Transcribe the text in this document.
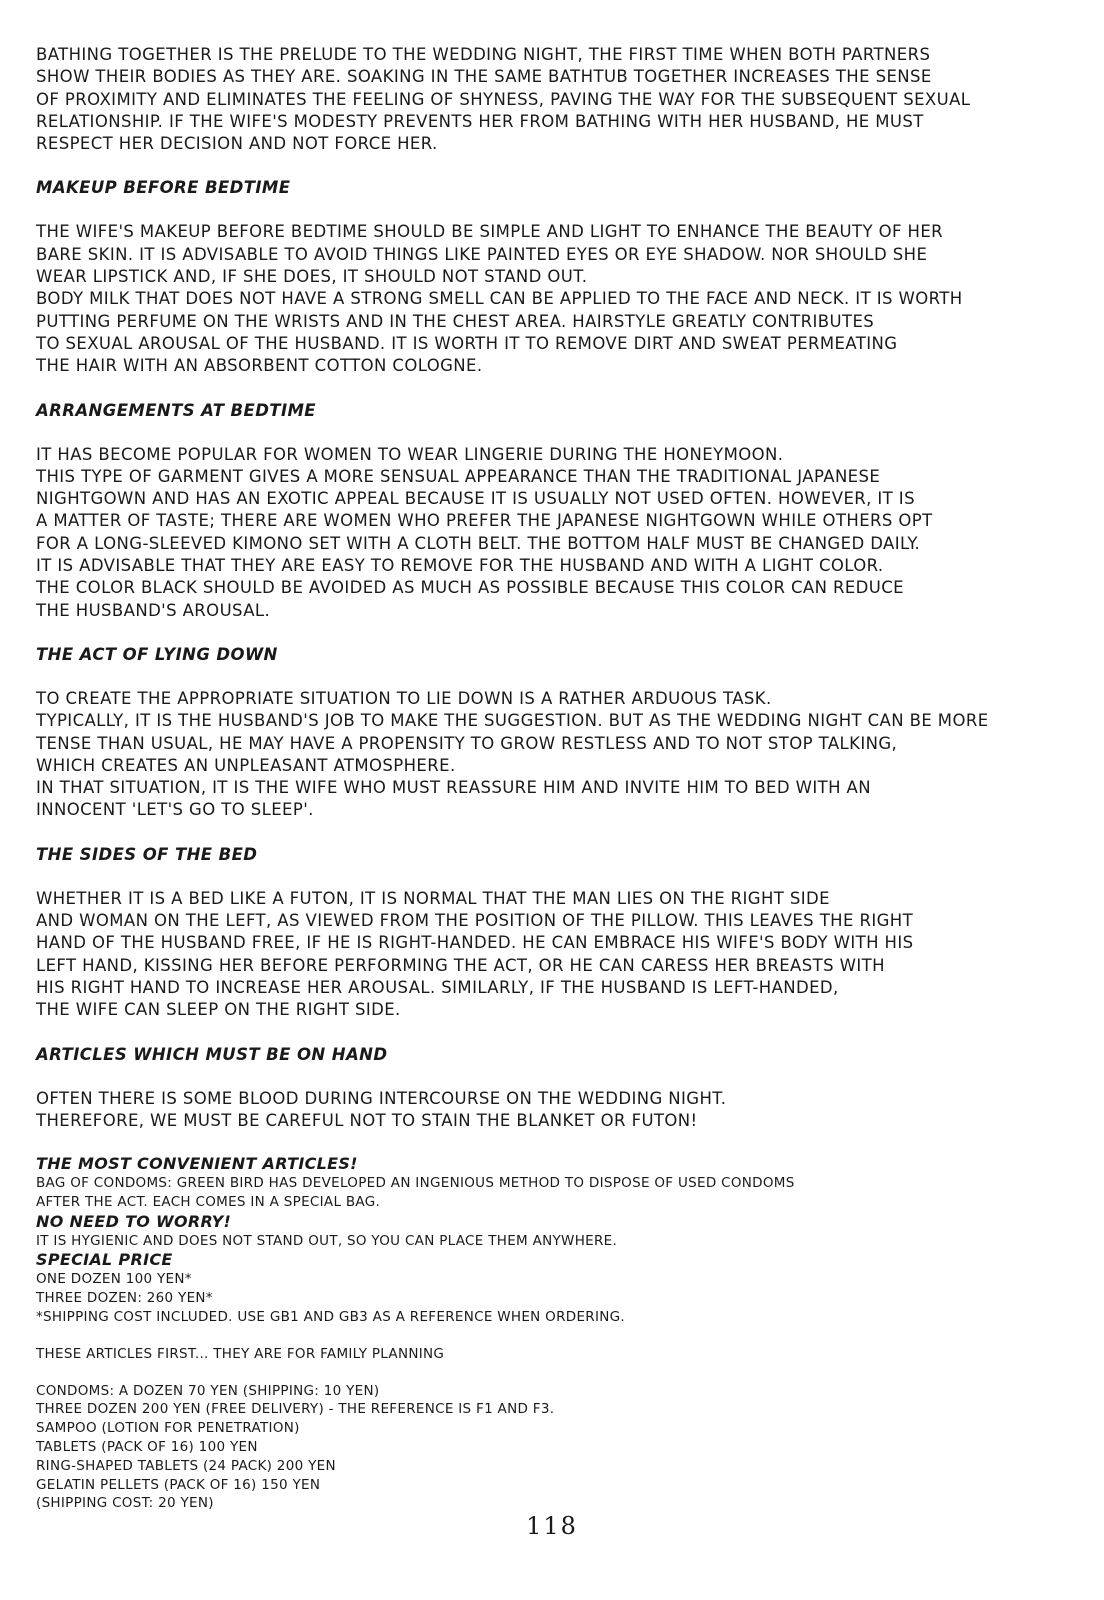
BATHING TOGETHER IS THE PRELUDE TO THE WEDDING NIGHT, THE FIRST TIME WHEN BOTH PARTNERS
SHOW THEIR BODIES AS THEY ARE. SOAKING IN THE SAME BATHTUB TOGETHER INCREASES THE SENSE
OF PROXIMITY AND ELIMINATES THE FEELING OF SHYNESS, PAVING THE WAY FOR THE SUBSEQUENT SEXUAL
RELATIONSHIP. IF THE WIFE'S MODESTY PREVENTS HER FROM BATHING WITH HER HUSBAND, HE MUST
RESPECT HER DECISION AND NOT FORCE HER.

MAKEUP BEFORE BEDTIME

THE WIFE'S MAKEUP BEFORE BEDTIME SHOULD BE SIMPLE AND LIGHT TO ENHANCE THE BEAUTY OF HER
BARE SKIN. IT IS ADVISABLE TO AVOID THINGS LIKE PAINTED EYES OR EYE SHADOW. NOR SHOULD SHE
WEAR LIPSTICK AND, IF SHE DOES, IT SHOULD NOT STAND OUT.
BODY MILK THAT DOES NOT HAVE A STRONG SMELL CAN BE APPLIED TO THE FACE AND NECK. IT IS WORTH
PUTTING PERFUME ON THE WRISTS AND IN THE CHEST AREA. HAIRSTYLE GREATLY CONTRIBUTES
TO SEXUAL AROUSAL OF THE HUSBAND. IT IS WORTH IT TO REMOVE DIRT AND SWEAT PERMEATING
THE HAIR WITH AN ABSORBENT COTTON COLOGNE.

ARRANGEMENTS AT BEDTIME

IT HAS BECOME POPULAR FOR WOMEN TO WEAR LINGERIE DURING THE HONEYMOON.
THIS TYPE OF GARMENT GIVES A MORE SENSUAL APPEARANCE THAN THE TRADITIONAL JAPANESE
NIGHTGOWN AND HAS AN EXOTIC APPEAL BECAUSE IT IS USUALLY NOT USED OFTEN. HOWEVER, IT IS
A MATTER OF TASTE; THERE ARE WOMEN WHO PREFER THE JAPANESE NIGHTGOWN WHILE OTHERS OPT
FOR A LONG-SLEEVED KIMONO SET WITH A CLOTH BELT. THE BOTTOM HALF MUST BE CHANGED DAILY.
IT IS ADVISABLE THAT THEY ARE EASY TO REMOVE FOR THE HUSBAND AND WITH A LIGHT COLOR.
THE COLOR BLACK SHOULD BE AVOIDED AS MUCH AS POSSIBLE BECAUSE THIS COLOR CAN REDUCE
THE HUSBAND'S AROUSAL.

THE ACT OF LYING DOWN

TO CREATE THE APPROPRIATE SITUATION TO LIE DOWN IS A RATHER ARDUOUS TASK.
TYPICALLY, IT IS THE HUSBAND'S JOB TO MAKE THE SUGGESTION. BUT AS THE WEDDING NIGHT CAN BE MORE
TENSE THAN USUAL, HE MAY HAVE A PROPENSITY TO GROW RESTLESS AND TO NOT STOP TALKING,
WHICH CREATES AN UNPLEASANT ATMOSPHERE.
IN THAT SITUATION, IT IS THE WIFE WHO MUST REASSURE HIM AND INVITE HIM TO BED WITH AN
INNOCENT 'LET'S GO TO SLEEP'.

THE SIDES OF THE BED

WHETHER IT IS A BED LIKE A FUTON, IT IS NORMAL THAT THE MAN LIES ON THE RIGHT SIDE
AND WOMAN ON THE LEFT, AS VIEWED FROM THE POSITION OF THE PILLOW. THIS LEAVES THE RIGHT
HAND OF THE HUSBAND FREE, IF HE IS RIGHT-HANDED. HE CAN EMBRACE HIS WIFE'S BODY WITH HIS
LEFT HAND, KISSING HER BEFORE PERFORMING THE ACT, OR HE CAN CARESS HER BREASTS WITH
HIS RIGHT HAND TO INCREASE HER AROUSAL. SIMILARLY, IF THE HUSBAND IS LEFT-HANDED,
THE WIFE CAN SLEEP ON THE RIGHT SIDE.

ARTICLES WHICH MUST BE ON HAND

OFTEN THERE IS SOME BLOOD DURING INTERCOURSE ON THE WEDDING NIGHT.
THEREFORE, WE MUST BE CAREFUL NOT TO STAIN THE BLANKET OR FUTON!

THE MOST CONVENIENT ARTICLES!

BAG OF CONDOMS: GREEN BIRD HAS DEVELOPED AN INGENIOUS METHOD TO DISPOSE OF USED CONDOMS
AFTER THE ACT. EACH COMES IN A SPECIAL BAG.

NO NEED TO WORRY!

IT IS HYGIENIC AND DOES NOT STAND OUT, SO YOU CAN PLACE THEM ANYWHERE.

SPECIAL PRICE

ONE DOZEN 100 YEN*
THREE DOZEN: 260 YEN*
*SHIPPING COST INCLUDED. USE GB1 AND GB3 AS A REFERENCE WHEN ORDERING.

THESE ARTICLES FIRST... THEY ARE FOR FAMILY PLANNING

CONDOMS: A DOZEN 70 YEN (SHIPPING: 10 YEN)
THREE DOZEN 200 YEN (FREE DELIVERY) - THE REFERENCE IS F1 AND F3.
SAMPOO (LOTION FOR PENETRATION)
TABLETS (PACK OF 16) 100 YEN
RING-SHAPED TABLETS (24 PACK) 200 YEN
GELATIN PELLETS (PACK OF 16) 150 YEN
(SHIPPING COST: 20 YEN)

118
